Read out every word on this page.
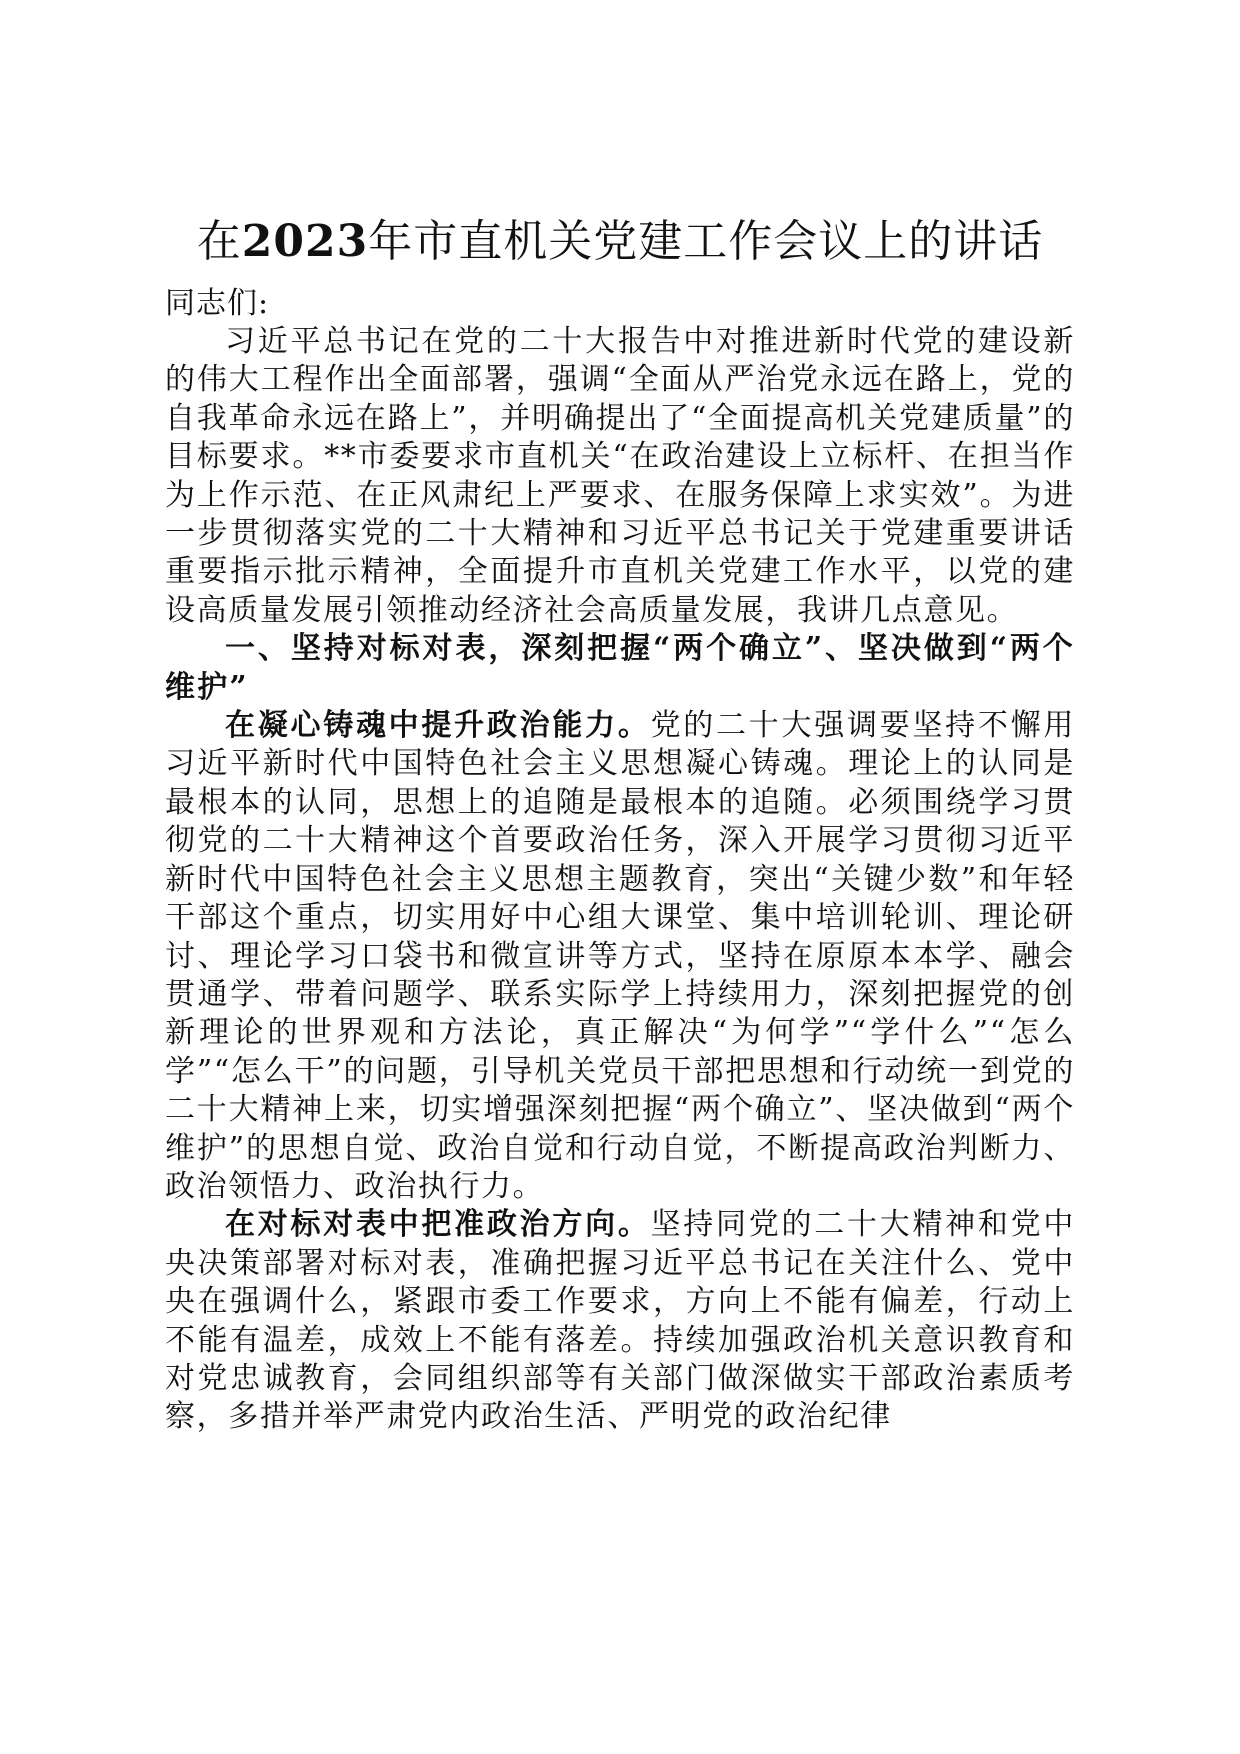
在2023年市直机关党建工作会议上的讲话

同志们:

习近平总书记在党的二十大报告中对推进新时代党的建设新的伟大工程作出全面部署，强调“全面从严治党永远在路上，党的自我革命永远在路上”，并明确提出了“全面提高机关党建质量”的目标要求。**市委要求市直机关“在政治建设上立标杆、在担当作为上作示范、在正风肃纪上严要求、在服务保障上求实效”。为进一步贯彻落实党的二十大精神和习近平总书记关于党建重要讲话重要指示批示精神，全面提升市直机关党建工作水平，以党的建设高质量发展引领推动经济社会高质量发展，我讲几点意见。

一、坚持对标对表，深刻把握“两个确立”、坚决做到“两个维护”

在凝心铸魂中提升政治能力。党的二十大强调要坚持不懈用习近平新时代中国特色社会主义思想凝心铸魂。理论上的认同是最根本的认同，思想上的追随是最根本的追随。必须围绕学习贯彻党的二十大精神这个首要政治任务，深入开展学习贯彻习近平新时代中国特色社会主义思想主题教育，突出“关键少数”和年轻干部这个重点，切实用好中心组大课堂、集中培训轮训、理论研讨、理论学习口袋书和微宣讲等方式，坚持在原原本本学、融会贯通学、带着问题学、联系实际学上持续用力，深刻把握党的创新理论的世界观和方法论，真正解决“为何学”“学什么”“怎么学”“怎么干”的问题，引导机关党员干部把思想和行动统一到党的二十大精神上来，切实增强深刻把握“两个确立”、坚决做到“两个维护”的思想自觉、政治自觉和行动自觉，不断提高政治判断力、政治领悟力、政治执行力。

在对标对表中把准政治方向。坚持同党的二十大精神和党中央决策部署对标对表，准确把握习近平总书记在关注什么、党中央在强调什么，紧跟市委工作要求，方向上不能有偏差，行动上不能有温差，成效上不能有落差。持续加强政治机关意识教育和对党忠诚教育，会同组织部等有关部门做深做实干部政治素质考察，多措并举严肃党内政治生活、严明党的政治纪律
